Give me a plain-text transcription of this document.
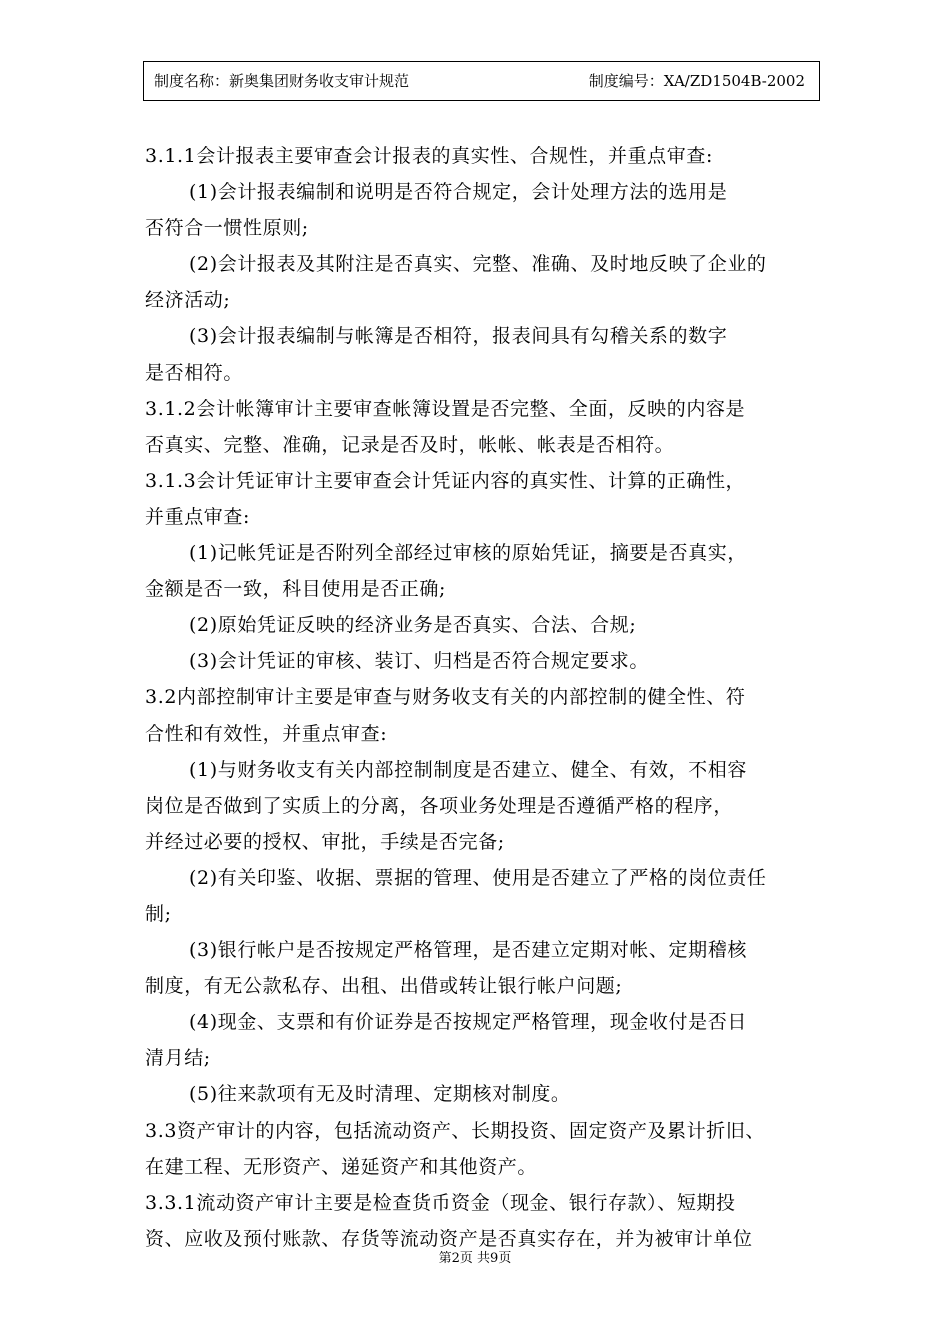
制度名称：新奥集团财务收支审计规范	制度编号：XA/ZD1504B-2002
3.1.1会计报表主要审查会计报表的真实性、合规性，并重点审查:
(1)会计报表编制和说明是否符合规定，会计处理方法的选用是
否符合一惯性原则;
(2)会计报表及其附注是否真实、完整、准确、及时地反映了企业的
经济活动;
(3)会计报表编制与帐簿是否相符，报表间具有勾稽关系的数字
是否相符。
3.1.2会计帐簿审计主要审查帐簿设置是否完整、全面，反映的内容是
否真实、完整、准确，记录是否及时，帐帐、帐表是否相符。
3.1.3会计凭证审计主要审查会计凭证内容的真实性、计算的正确性，
并重点审查:
(1)记帐凭证是否附列全部经过审核的原始凭证，摘要是否真实，
金额是否一致，科目使用是否正确;
(2)原始凭证反映的经济业务是否真实、合法、合规;
(3)会计凭证的审核、装订、归档是否符合规定要求。
3.2内部控制审计主要是审查与财务收支有关的内部控制的健全性、符
合性和有效性，并重点审查:
(1)与财务收支有关内部控制制度是否建立、健全、有效，不相容
岗位是否做到了实质上的分离，各项业务处理是否遵循严格的程序，
并经过必要的授权、审批，手续是否完备;
(2)有关印鉴、收据、票据的管理、使用是否建立了严格的岗位责任
制;
(3)银行帐户是否按规定严格管理，是否建立定期对帐、定期稽核
制度，有无公款私存、出租、出借或转让银行帐户问题;
(4)现金、支票和有价证券是否按规定严格管理，现金收付是否日
清月结;
(5)往来款项有无及时清理、定期核对制度。
3.3资产审计的内容，包括流动资产、长期投资、固定资产及累计折旧、
在建工程、无形资产、递延资产和其他资产。
3.3.1流动资产审计主要是检查货币资金（现金、银行存款）、短期投
资、应收及预付账款、存货等流动资产是否真实存在，并为被审计单位
第2页 共9页
